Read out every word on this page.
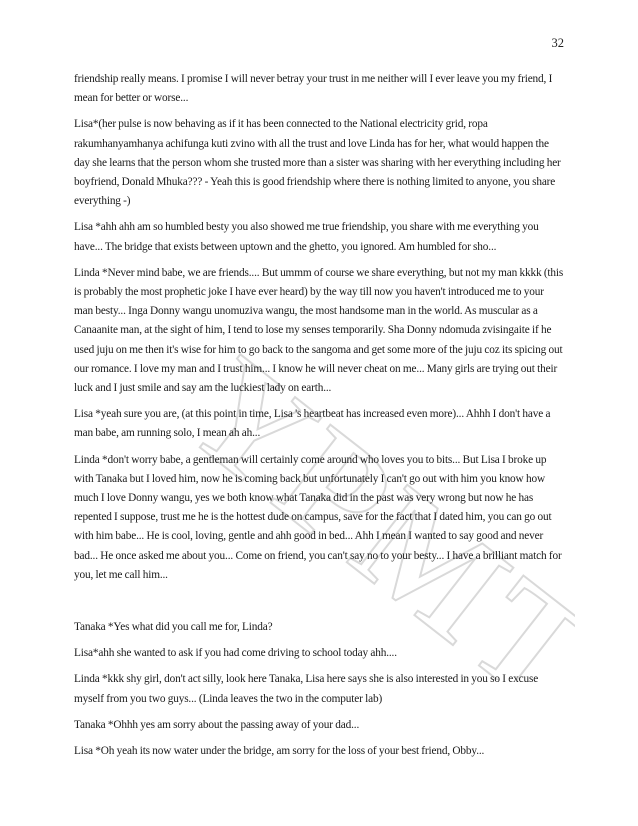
YPMT
32

friendship really means. I promise I will never betray your trust in me neither will I ever leave you my friend, I mean for better or worse...

Lisa*(her pulse is now behaving as if it has been connected to the National electricity grid, ropa rakumhanyamhanya achifunga kuti zvino with all the trust and love Linda has for her, what would happen the day she learns that the person whom she trusted more than a sister was sharing with her everything including her boyfriend, Donald Mhuka??? - Yeah this is good friendship where there is nothing limited to anyone, you share everything -)

Lisa *ahh ahh am so humbled besty you also showed me true friendship, you share with me everything you have... The bridge that exists between uptown and the ghetto, you ignored. Am humbled for sho...

Linda *Never mind babe, we are friends.... But ummm of course we share everything, but not my man kkkk (this is probably the most prophetic joke I have ever heard) by the way till now you haven't introduced me to your man besty... Inga Donny wangu unomuziva wangu, the most handsome man in the world. As muscular as a Canaanite man, at the sight of him, I tend to lose my senses temporarily. Sha Donny ndomuda zvisingaite if he used juju on me then it's wise for him to go back to the sangoma and get some more of the juju coz its spicing out our romance. I love my man and I trust him... I know he will never cheat on me... Many girls are trying out their luck and I just smile and say am the luckiest lady on earth...

Lisa *yeah sure you are, (at this point in time, Lisa 's heartbeat has increased even more)... Ahhh I don't have a man babe, am running solo, I mean ah ah...

Linda *don't worry babe, a gentleman will certainly come around who loves you to bits... But Lisa I broke up with Tanaka but I loved him, now he is coming back but unfortunately I can't go out with him you know how much I love Donny wangu, yes we both know what Tanaka did in the past was very wrong but now he has repented I suppose, trust me he is the hottest dude on campus, save for the fact that I dated him, you can go out with him babe... He is cool, loving, gentle and ahh good in bed... Ahh I mean I wanted to say good and never bad... He once asked me about you... Come on friend, you can't say no to your besty... I have a brilliant match for you, let me call him...

Tanaka *Yes what did you call me for, Linda?

Lisa*ahh she wanted to ask if you had come driving to school today ahh....

Linda *kkk shy girl, don't act silly, look here Tanaka, Lisa here says she is also interested in you so I excuse myself from you two guys... (Linda leaves the two in the computer lab)

Tanaka *Ohhh yes am sorry about the passing away of your dad...

Lisa *Oh yeah its now water under the bridge, am sorry for the loss of your best friend, Obby...
